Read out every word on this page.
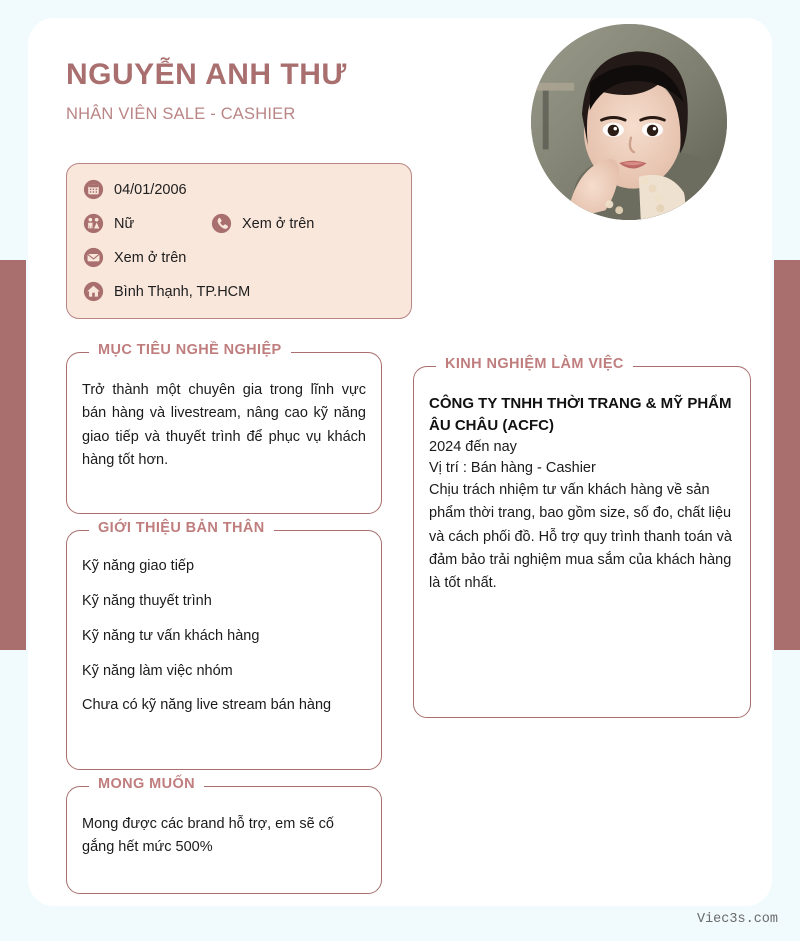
NGUYỄN ANH THƯ

NHÂN VIÊN SALE - CASHIER

04/01/2006
Nữ	Xem ở trên
Xem ở trên
Bình Thạnh, TP.HCM
MỤC TIÊU NGHỀ NGHIỆP

Trở thành một chuyên gia trong lĩnh vực bán hàng và livestream, nâng cao kỹ năng giao tiếp và thuyết trình để phục vụ khách hàng tốt hơn.

GIỚI THIỆU BẢN THÂN
Kỹ năng giao tiếp
Kỹ năng thuyết trình
Kỹ năng tư vấn khách hàng
Kỹ năng làm việc nhóm
Chưa có kỹ năng live stream bán hàng
MONG MUỐN

Mong được các brand hỗ trợ, em sẽ cố gắng hết mức 500%

KINH NGHIỆM LÀM VIỆC

CÔNG TY TNHH THỜI TRANG & MỸ PHẨM ÂU CHÂU (ACFC)

2024 đến nay

Vị trí : Bán hàng - Cashier

Chịu trách nhiệm tư vấn khách hàng về sản phẩm thời trang, bao gồm size, số đo, chất liệu và cách phối đồ. Hỗ trợ quy trình thanh toán và đảm bảo trải nghiệm mua sắm của khách hàng là tốt nhất.

Viec3s.com
